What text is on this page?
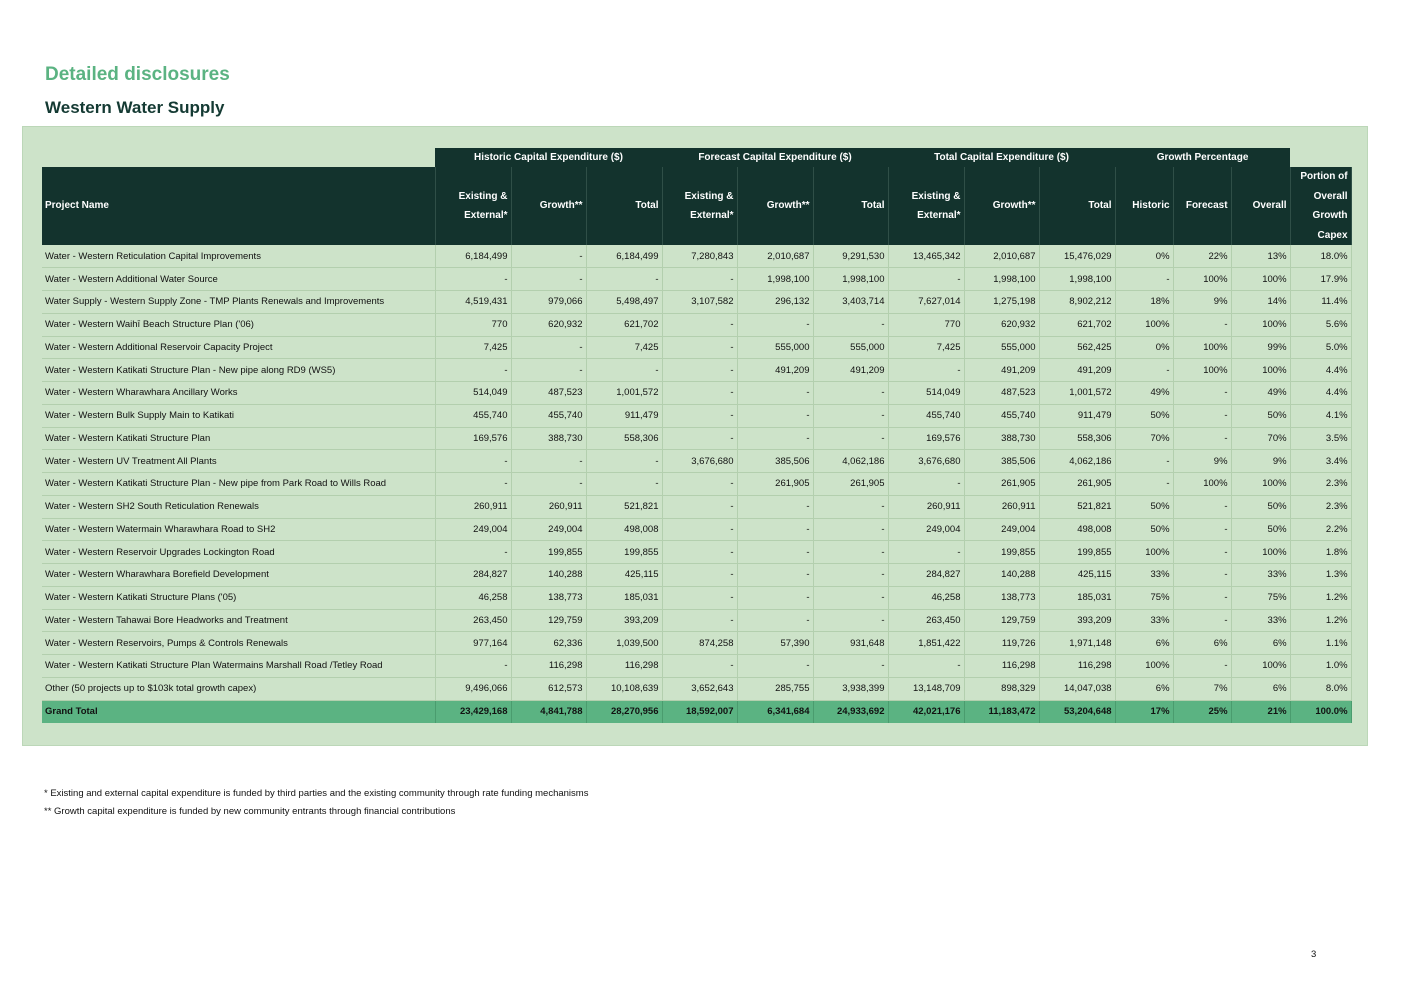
Detailed disclosures
Western Water Supply
	Historic Capital Expenditure ($)			Forecast Capital Expenditure ($)			Total Capital Expenditure ($)			Growth Percentage			
Project Name	Existing & External*	Growth**	Total	Existing & External*	Growth**	Total	Existing & External*	Growth**	Total	Historic	Forecast	Overall	Portion of Overall Growth Capex
Water - Western Reticulation Capital Improvements	6,184,499	-	6,184,499	7,280,843	2,010,687	9,291,530	13,465,342	2,010,687	15,476,029	0%	22%	13%	18.0%
Water - Western Additional Water Source	-	-	-	-	1,998,100	1,998,100	-	1,998,100	1,998,100	-	100%	100%	17.9%
Water Supply - Western Supply Zone - TMP Plants Renewals and Improvements	4,519,431	979,066	5,498,497	3,107,582	296,132	3,403,714	7,627,014	1,275,198	8,902,212	18%	9%	14%	11.4%
Water - Western Waihī Beach Structure Plan ('06)	770	620,932	621,702	-	-	-	770	620,932	621,702	100%	-	100%	5.6%
Water - Western Additional Reservoir Capacity Project	7,425	-	7,425	-	555,000	555,000	7,425	555,000	562,425	0%	100%	99%	5.0%
Water - Western Katikati Structure Plan - New pipe along RD9 (WS5)	-	-	-	-	491,209	491,209	-	491,209	491,209	-	100%	100%	4.4%
Water - Western Wharawhara Ancillary Works	514,049	487,523	1,001,572	-	-	-	514,049	487,523	1,001,572	49%	-	49%	4.4%
Water - Western Bulk Supply Main to Katikati	455,740	455,740	911,479	-	-	-	455,740	455,740	911,479	50%	-	50%	4.1%
Water - Western Katikati Structure Plan	169,576	388,730	558,306	-	-	-	169,576	388,730	558,306	70%	-	70%	3.5%
Water - Western UV Treatment All Plants	-	-	-	3,676,680	385,506	4,062,186	3,676,680	385,506	4,062,186	-	9%	9%	3.4%
Water - Western Katikati Structure Plan - New pipe from Park Road to Wills Road	-	-	-	-	261,905	261,905	-	261,905	261,905	-	100%	100%	2.3%
Water - Western SH2 South Reticulation Renewals	260,911	260,911	521,821	-	-	-	260,911	260,911	521,821	50%	-	50%	2.3%
Water - Western Watermain Wharawhara Road to SH2	249,004	249,004	498,008	-	-	-	249,004	249,004	498,008	50%	-	50%	2.2%
Water - Western Reservoir Upgrades Lockington Road	-	199,855	199,855	-	-	-	-	199,855	199,855	100%	-	100%	1.8%
Water - Western Wharawhara Borefield Development	284,827	140,288	425,115	-	-	-	284,827	140,288	425,115	33%	-	33%	1.3%
Water - Western Katikati Structure Plans ('05)	46,258	138,773	185,031	-	-	-	46,258	138,773	185,031	75%	-	75%	1.2%
Water - Western Tahawai Bore Headworks and Treatment	263,450	129,759	393,209	-	-	-	263,450	129,759	393,209	33%	-	33%	1.2%
Water - Western Reservoirs, Pumps & Controls Renewals	977,164	62,336	1,039,500	874,258	57,390	931,648	1,851,422	119,726	1,971,148	6%	6%	6%	1.1%
Water - Western Katikati Structure Plan Watermains Marshall Road /Tetley Road	-	116,298	116,298	-	-	-	-	116,298	116,298	100%	-	100%	1.0%
Other (50 projects up to $103k total growth capex)	9,496,066	612,573	10,108,639	3,652,643	285,755	3,938,399	13,148,709	898,329	14,047,038	6%	7%	6%	8.0%
Grand Total	23,429,168	4,841,788	28,270,956	18,592,007	6,341,684	24,933,692	42,021,176	11,183,472	53,204,648	17%	25%	21%	100.0%

* Existing and external capital expenditure is funded by third parties and the existing community through rate funding mechanisms

** Growth capital expenditure is funded by new community entrants through financial contributions

3
